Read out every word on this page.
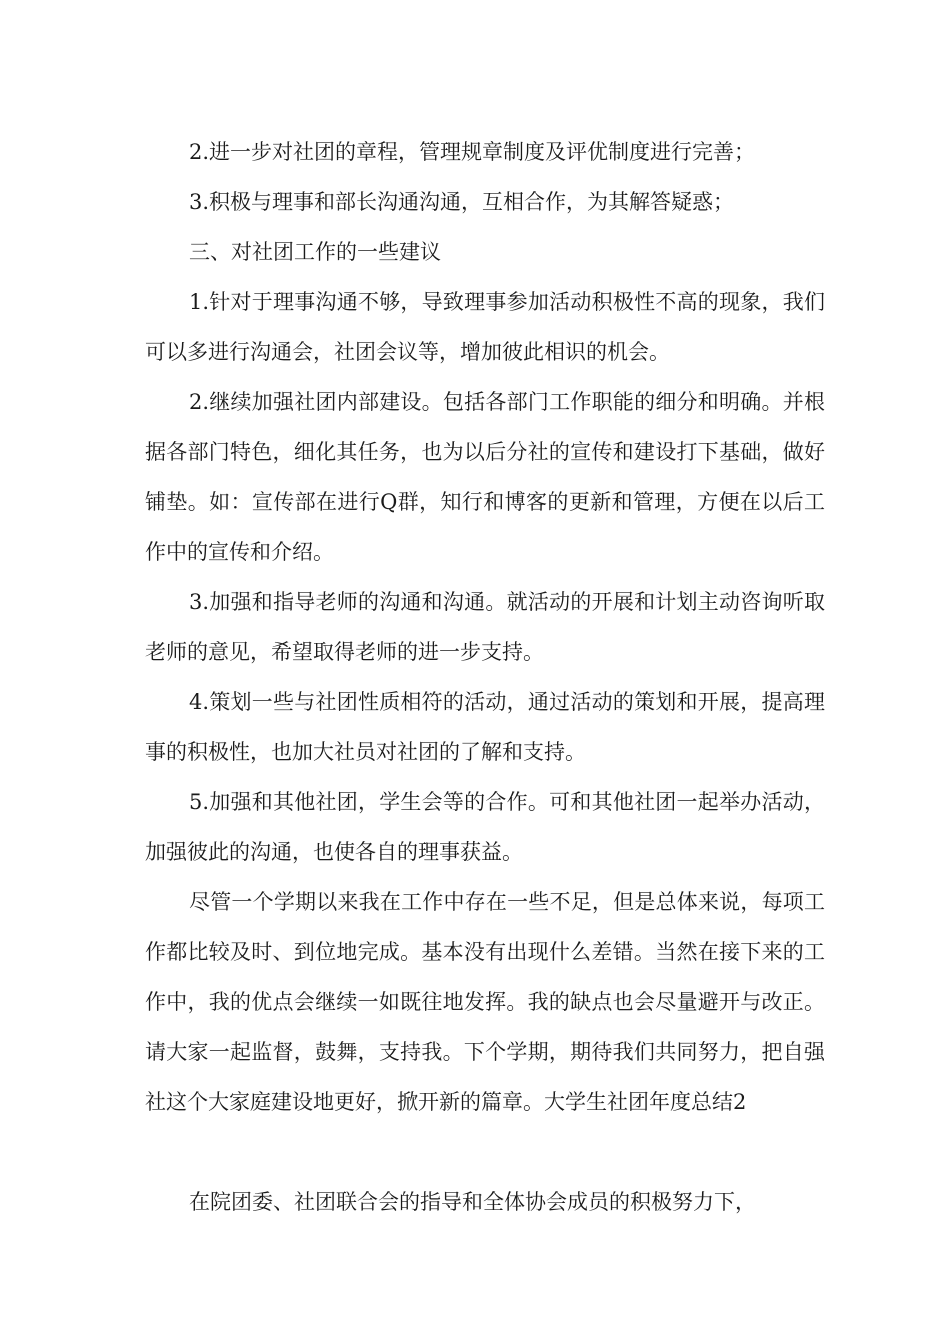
2.进一步对社团的章程，管理规章制度及评优制度进行完善；

3.积极与理事和部长沟通沟通，互相合作，为其解答疑惑；

三、对社团工作的一些建议

1.针对于理事沟通不够，导致理事参加活动积极性不高的现象，我们可以多进行沟通会，社团会议等，增加彼此相识的机会。

2.继续加强社团内部建设。包括各部门工作职能的细分和明确。并根据各部门特色，细化其任务，也为以后分社的宣传和建设打下基础，做好铺垫。如：宣传部在进行Q群，知行和博客的更新和管理，方便在以后工作中的宣传和介绍。

3.加强和指导老师的沟通和沟通。就活动的开展和计划主动咨询听取老师的意见，希望取得老师的进一步支持。

4.策划一些与社团性质相符的活动，通过活动的策划和开展，提高理事的积极性，也加大社员对社团的了解和支持。

5.加强和其他社团，学生会等的合作。可和其他社团一起举办活动，加强彼此的沟通，也使各自的理事获益。

尽管一个学期以来我在工作中存在一些不足，但是总体来说，每项工作都比较及时、到位地完成。基本没有出现什么差错。当然在接下来的工作中，我的优点会继续一如既往地发挥。我的缺点也会尽量避开与改正。请大家一起监督，鼓舞，支持我。下个学期，期待我们共同努力，把自强社这个大家庭建设地更好，掀开新的篇章。大学生社团年度总结2

在院团委、社团联合会的指导和全体协会成员的积极努力下，
